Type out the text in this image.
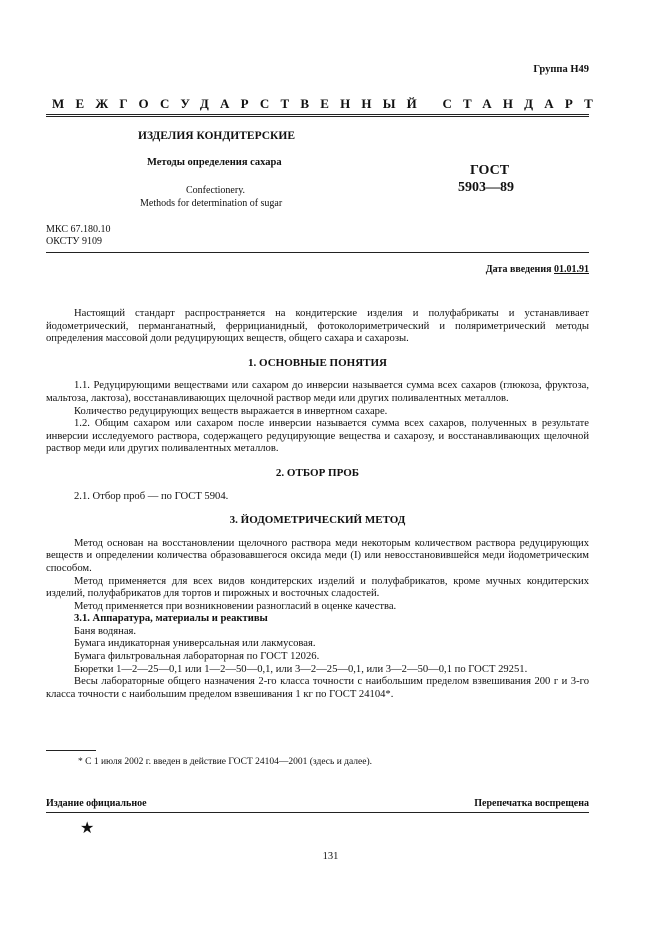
Группа Н49
МЕЖГОСУДАРСТВЕННЫЙ СТАНДАРТ
ИЗДЕЛИЯ КОНДИТЕРСКИЕ
Методы определения сахара
Confectionery.
Methods for determination of sugar
ГОСТ
5903—89
МКС 67.180.10
ОКСТУ 9109
Дата введения 01.01.91

Настоящий стандарт распространяется на кондитерские изделия и полуфабрикаты и устанавливает йодометрический, перманганатный, феррицианидный, фотоколориметрический и поляриметрический методы определения массовой доли редуцирующих веществ, общего сахара и сахарозы.

1. ОСНОВНЫЕ ПОНЯТИЯ

1.1. Редуцирующими веществами или сахаром до инверсии называется сумма всех сахаров (глюкоза, фруктоза, мальтоза, лактоза), восстанавливающих щелочной раствор меди или других поливалентных металлов.

Количество редуцирующих веществ выражается в инвертном сахаре.

1.2. Общим сахаром или сахаром после инверсии называется сумма всех сахаров, полученных в результате инверсии исследуемого раствора, содержащего редуцирующие вещества и сахарозу, и восстанавливающих щелочной раствор меди или других поливалентных металлов.

2. ОТБОР ПРОБ

2.1. Отбор проб — по ГОСТ 5904.

3. ЙОДОМЕТРИЧЕСКИЙ МЕТОД

Метод основан на восстановлении щелочного раствора меди некоторым количеством раствора редуцирующих веществ и определении количества образовавшегося оксида меди (I) или невосстановившейся меди йодометрическим способом.

Метод применяется для всех видов кондитерских изделий и полуфабрикатов, кроме мучных кондитерских изделий, полуфабрикатов для тортов и пирожных и восточных сладостей.

Метод применяется при возникновении разногласий в оценке качества.

3.1. Аппаратура, материалы и реактивы

Баня водяная.

Бумага индикаторная универсальная или лакмусовая.

Бумага фильтровальная лабораторная по ГОСТ 12026.

Бюретки 1—2—25—0,1 или 1—2—50—0,1, или 3—2—25—0,1, или 3—2—50—0,1 по ГОСТ 29251.

Весы лабораторные общего назначения 2-го класса точности с наибольшим пределом взвешивания 200 г и 3-го класса точности с наибольшим пределом взвешивания 1 кг по ГОСТ 24104*.

* С 1 июля 2002 г. введен в действие ГОСТ 24104—2001 (здесь и далее).
Издание официальное	Перепечатка воспрещена
★
131
